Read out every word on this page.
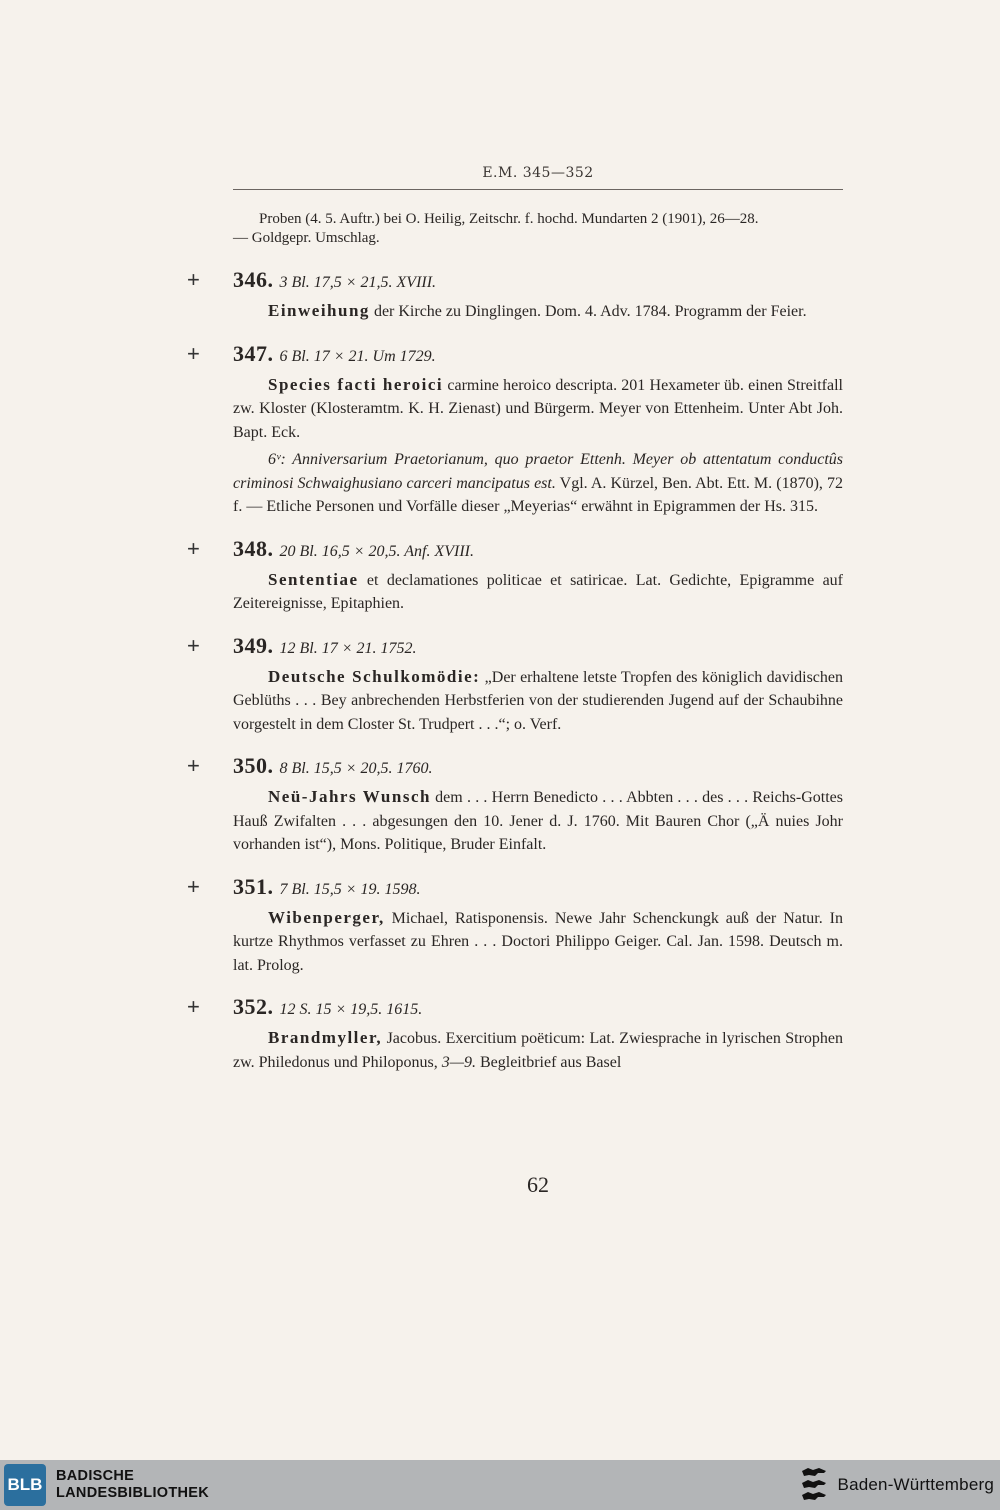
E.M. 345—352

Proben (4. 5. Auftr.) bei O. Heilig, Zeitschr. f. hochd. Mundarten 2 (1901), 26—28.
— Goldgepr. Umschlag.

+ 346. 3 Bl. 17,5 × 21,5. XVIII.

Einweihung der Kirche zu Dinglingen. Dom. 4. Adv. 1784. Programm der Feier.

+ 347. 6 Bl. 17 × 21. Um 1729.

Species facti heroici carmine heroico descripta. 201 Hexameter üb. einen Streitfall zw. Kloster (Klosteramtm. K. H. Zienast) und Bürgerm. Meyer von Ettenheim. Unter Abt Joh. Bapt. Eck.

6ᵛ: Anniversarium Praetorianum, quo praetor Ettenh. Meyer ob attentatum conductûs criminosi Schwaighusiano carceri mancipatus est. Vgl. A. Kürzel, Ben. Abt. Ett. M. (1870), 72 f. — Etliche Personen und Vorfälle dieser „Meyerias“ erwähnt in Epigrammen der Hs. 315.

+ 348. 20 Bl. 16,5 × 20,5. Anf. XVIII.

Sententiae et declamationes politicae et satiricae. Lat. Gedichte, Epigramme auf Zeitereignisse, Epitaphien.

+ 349. 12 Bl. 17 × 21. 1752.

Deutsche Schulkomödie: „Der erhaltene letste Tropfen des königlich davidischen Geblüths . . . Bey anbrechenden Herbstferien von der studierenden Jugend auf der Schaubihne vorgestelt in dem Closter St. Trudpert . . .“; o. Verf.

+ 350. 8 Bl. 15,5 × 20,5. 1760.

Neü-Jahrs Wunsch dem . . . Herrn Benedicto . . . Abbten . . . des . . . Reichs-Gottes Hauß Zwifalten . . . abgesungen den 10. Jener d. J. 1760. Mit Bauren Chor („Ä nuies Johr vorhanden ist“), Mons. Politique, Bruder Einfalt.

+ 351. 7 Bl. 15,5 × 19. 1598.

Wibenperger, Michael, Ratisponensis. Newe Jahr Schenckungk auß der Natur. In kurtze Rhythmos verfasset zu Ehren . . . Doctori Philippo Geiger. Cal. Jan. 1598. Deutsch m. lat. Prolog.

+ 352. 12 S. 15 × 19,5. 1615.

Brandmyller, Jacobus. Exercitium poëticum: Lat. Zwiesprache in lyrischen Strophen zw. Philedonus und Philoponus, 3—9. Begleitbrief aus Basel

62
BLB BADISCHE
LANDESBIBLIOTHEK	Baden-Württemberg
